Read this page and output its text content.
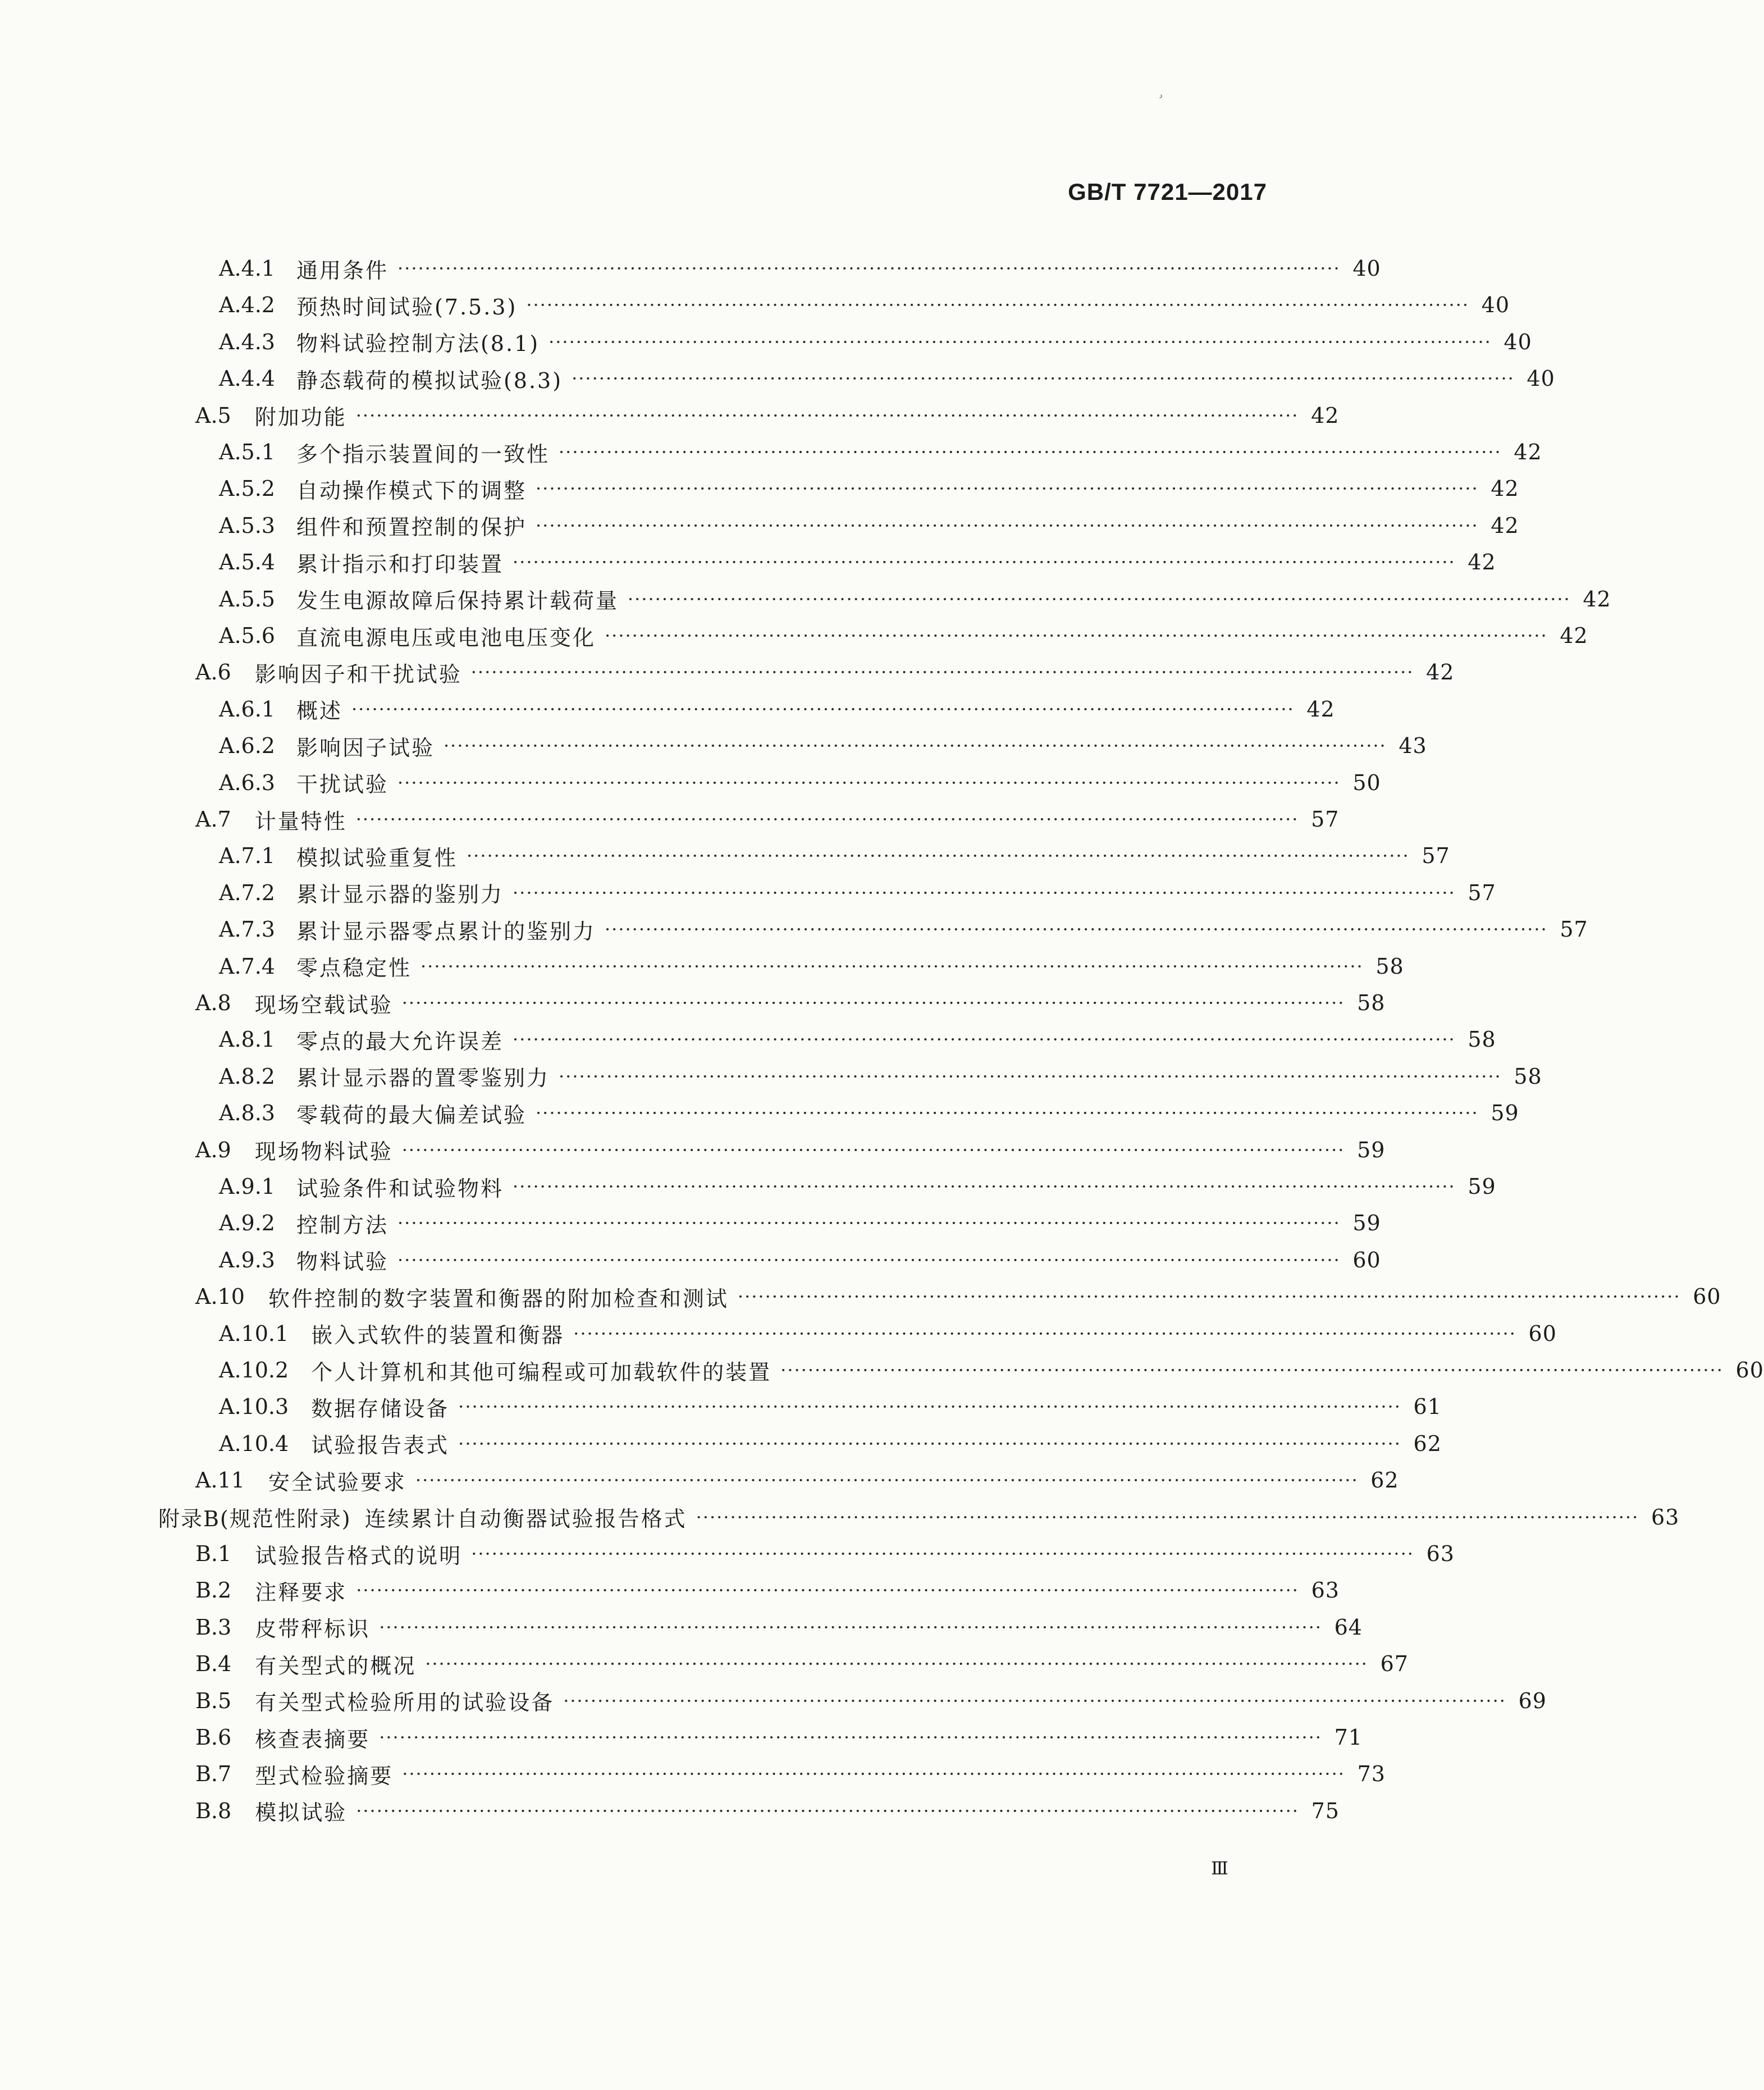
GB/T 7721—2017
ʾ
A.4.1 通用条件 ·········································································································································· 40
A.4.2 预热时间试验(7.5.3) ·········································································································································· 40
A.4.3 物料试验控制方法(8.1) ·········································································································································· 40
A.4.4 静态载荷的模拟试验(8.3) ·········································································································································· 40
A.5 附加功能 ·········································································································································· 42
A.5.1 多个指示装置间的一致性 ·········································································································································· 42
A.5.2 自动操作模式下的调整 ·········································································································································· 42
A.5.3 组件和预置控制的保护 ·········································································································································· 42
A.5.4 累计指示和打印装置 ·········································································································································· 42
A.5.5 发生电源故障后保持累计载荷量 ·········································································································································· 42
A.5.6 直流电源电压或电池电压变化 ·········································································································································· 42
A.6 影响因子和干扰试验 ·········································································································································· 42
A.6.1 概述 ·········································································································································· 42
A.6.2 影响因子试验 ·········································································································································· 43
A.6.3 干扰试验 ·········································································································································· 50
A.7 计量特性 ·········································································································································· 57
A.7.1 模拟试验重复性 ·········································································································································· 57
A.7.2 累计显示器的鉴别力 ·········································································································································· 57
A.7.3 累计显示器零点累计的鉴别力 ·········································································································································· 57
A.7.4 零点稳定性 ·········································································································································· 58
A.8 现场空载试验 ·········································································································································· 58
A.8.1 零点的最大允许误差 ·········································································································································· 58
A.8.2 累计显示器的置零鉴别力 ·········································································································································· 58
A.8.3 零载荷的最大偏差试验 ·········································································································································· 59
A.9 现场物料试验 ·········································································································································· 59
A.9.1 试验条件和试验物料 ·········································································································································· 59
A.9.2 控制方法 ·········································································································································· 59
A.9.3 物料试验 ·········································································································································· 60
A.10 软件控制的数字装置和衡器的附加检查和测试 ·········································································································································· 60
A.10.1 嵌入式软件的装置和衡器 ·········································································································································· 60
A.10.2 个人计算机和其他可编程或可加载软件的装置 ·········································································································································· 60
A.10.3 数据存储设备 ·········································································································································· 61
A.10.4 试验报告表式 ·········································································································································· 62
A.11 安全试验要求 ·········································································································································· 62
附录B(规范性附录) 连续累计自动衡器试验报告格式 ·········································································································································· 63
B.1 试验报告格式的说明 ·········································································································································· 63
B.2 注释要求 ·········································································································································· 63
B.3 皮带秤标识 ·········································································································································· 64
B.4 有关型式的概况 ·········································································································································· 67
B.5 有关型式检验所用的试验设备 ·········································································································································· 69
B.6 核查表摘要 ·········································································································································· 71
B.7 型式检验摘要 ·········································································································································· 73
B.8 模拟试验 ·········································································································································· 75
Ⅲ
